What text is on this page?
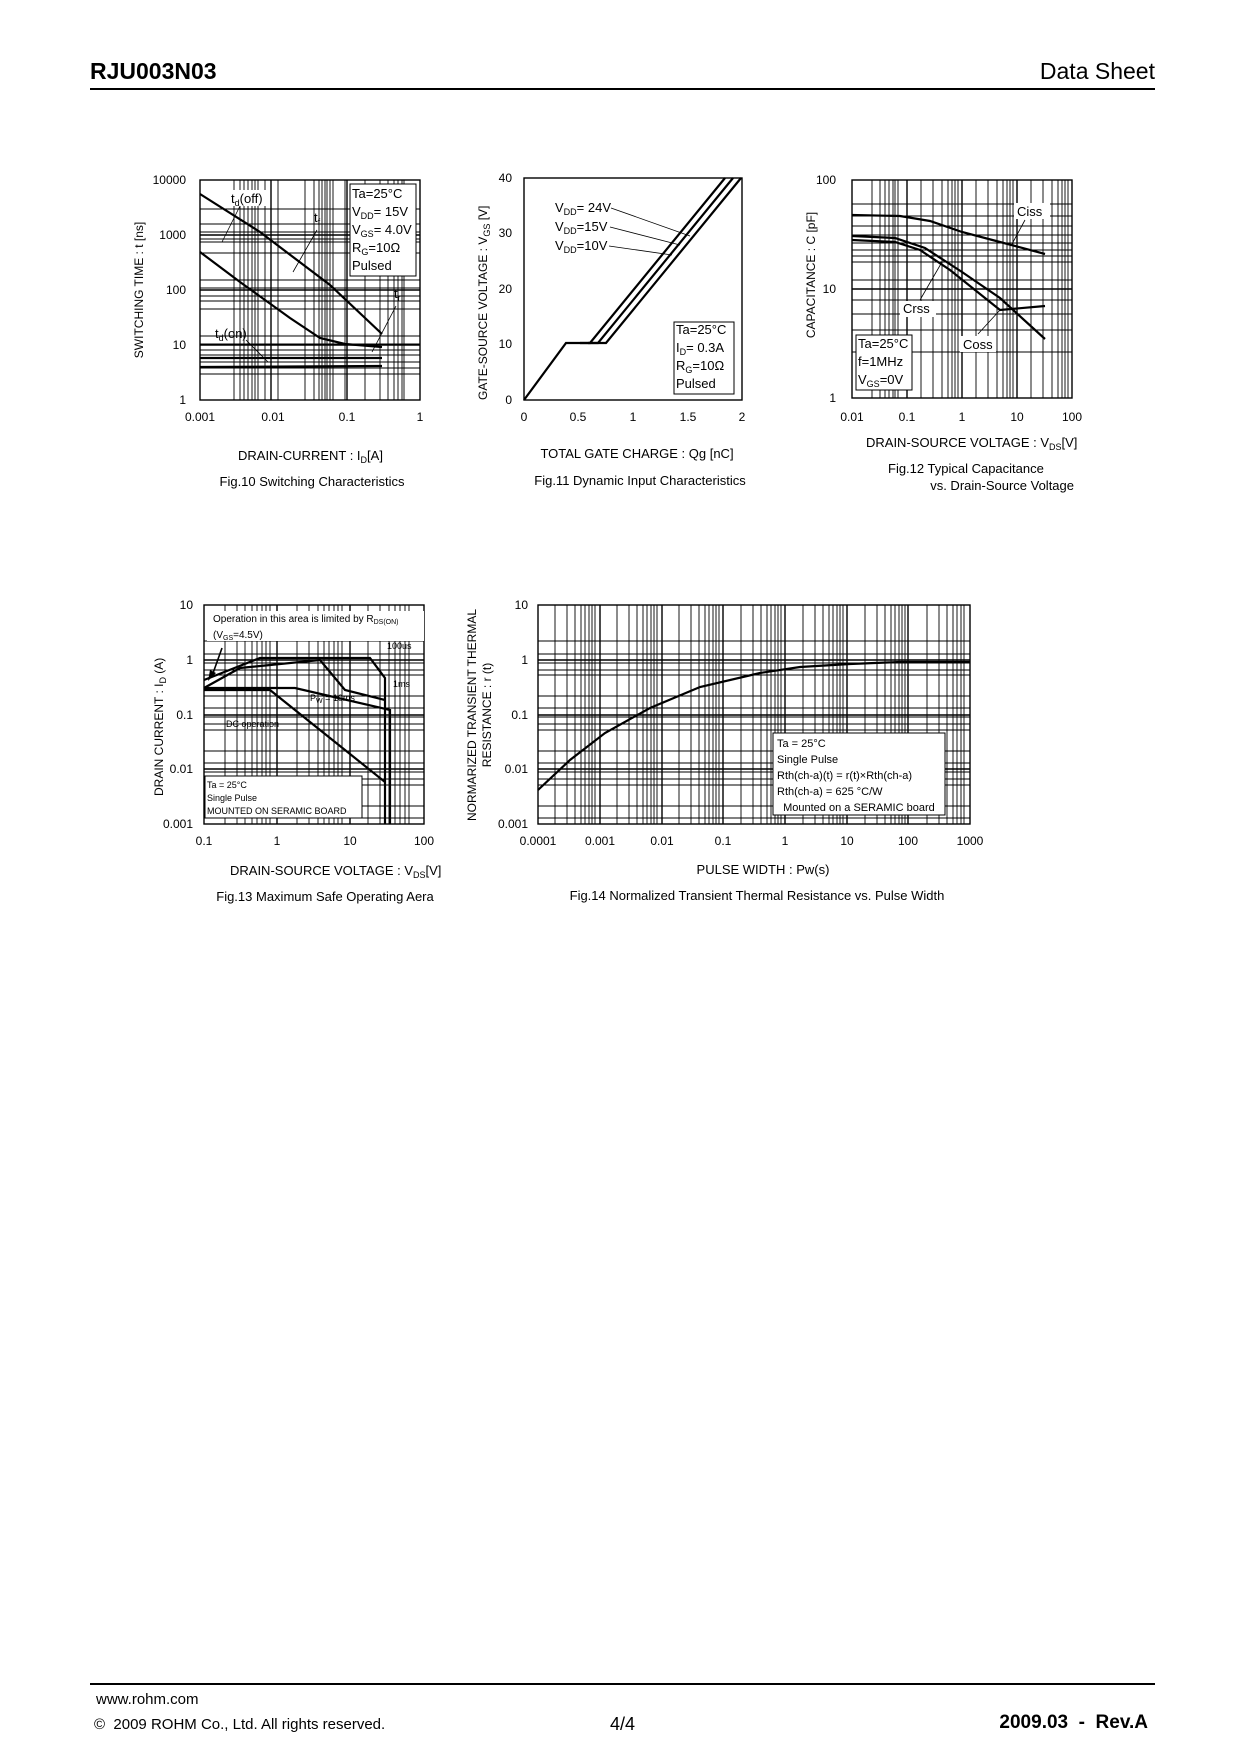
RJU003N03	Data Sheet
Ta=25°C $V_{DD}= 15V$ $V_{GS}= 4.0V$ $R_G=10\Omega$ Pulsed
$t_d(off)$
$t_f$
$t_r$
$t_d(on)$
10000
1000
100
10
1
0.001	0.01	0.1	1
SWITCHING TIME : t [ns]
DRAIN-CURRENT : $I_D[A]$
Fig.10 Switching Characteristics
$V_{DD}= 24V$ $V_{DD}=15V$ $V_{DD}=10V$
Ta=25°C $I_D= 0.3A$ $R_G=10\Omega$ Pulsed
40
30
20
10
0
0	0.5	1	1.5	2
GATE-SOURCE VOLTAGE : $V_{GS}$ [V]
TOTAL GATE CHARGE : Qg [nC]
Fig.11 Dynamic Input Characteristics
Ciss
Crss
Coss
Ta=25°C f=1MHz $V_{GS}=0V$
100
10
1
0.01	0.1	1	10	100
CAPACITANCE : C [pF]
DRAIN-SOURCE VOLTAGE : $V_{DS}[V]$
Fig.12 Typical Capacitance
vs. Drain-Source Voltage
Operation in this area is limited by $R_{DS(ON)}$ $(V_{GS}=4.5V)$
100us
1ms
$P_W = 10ms$
DC operation
Ta = 25°C Single Pulse MOUNTED ON SERAMIC BOARD
10
1
0.1
0.01
0.001
0.1	1	10	100
DRAIN CURRENT : $I_D$ (A)
DRAIN-SOURCE VOLTAGE : $V_{DS}[V]$
Fig.13 Maximum Safe Operating Aera
Ta = 25°C Single Pulse Rth(ch-a)(t) = r(t)×Rth(ch-a) Rth(ch-a) = 625 °C/W   Mounted on a SERAMIC board
10
1
0.1
0.01
0.001
0.0001 0.001	0.01	0.1	1	10	100	1000
NORMARIZED TRANSIENT THERMAL RESISTANCE : r (t)
PULSE WIDTH : Pw(s)
Fig.14 Normalized Transient Thermal Resistance vs. Pulse Width
www.rohm.com
© 2009 ROHM Co., Ltd. All rights reserved.	4/4	2009.03  -  Rev.A
